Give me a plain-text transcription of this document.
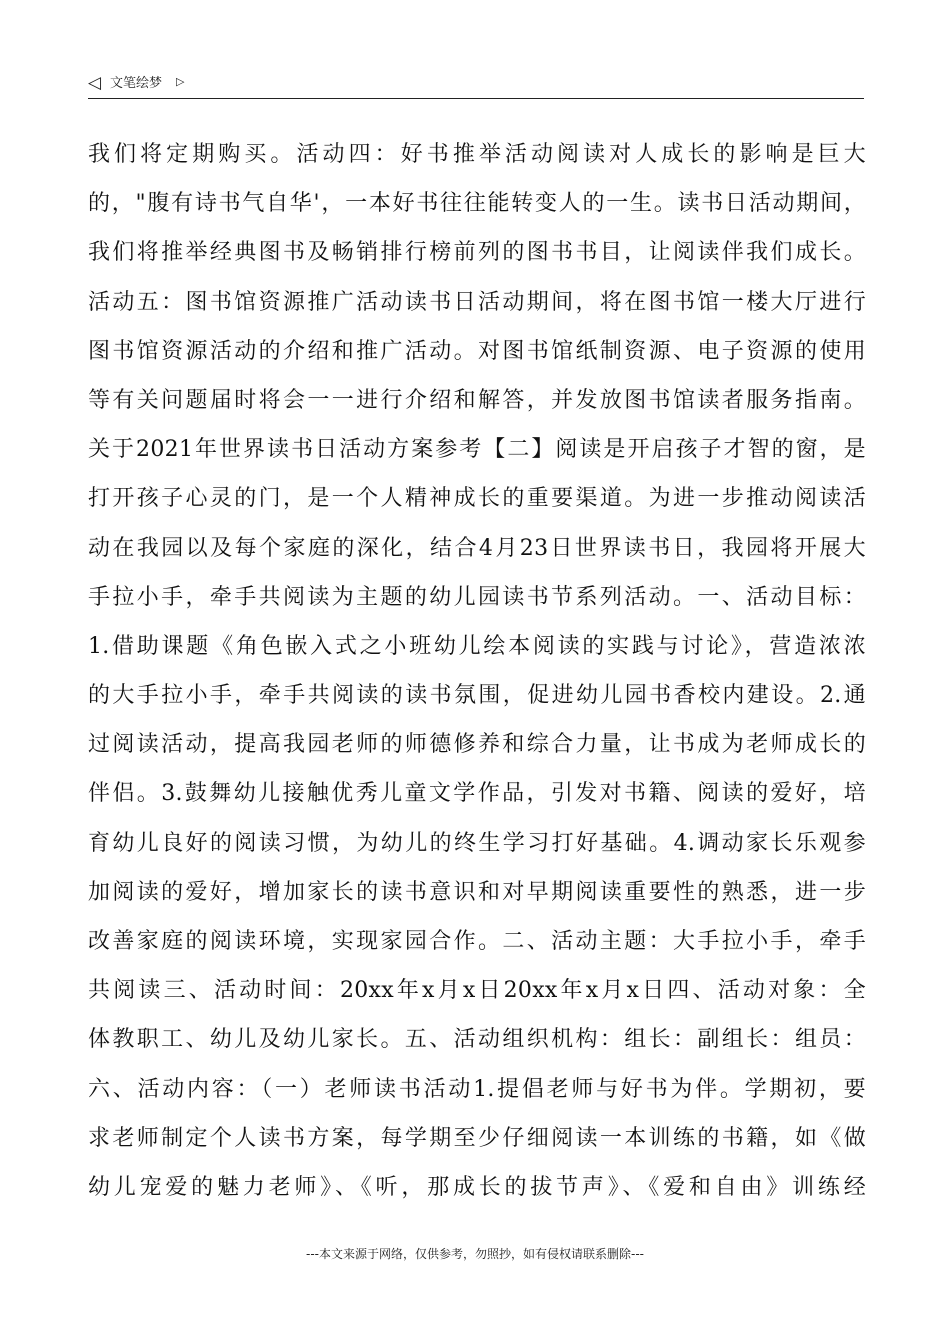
◁ 文笔绘梦 ▷
我们将定期购买。活动四：好书推举活动阅读对人成长的影响是巨大
的，"腹有诗书气自华'，一本好书往往能转变人的一生。读书日活动期间，
我们将推举经典图书及畅销排行榜前列的图书书目，让阅读伴我们成长。
活动五：图书馆资源推广活动读书日活动期间，将在图书馆一楼大厅进行
图书馆资源活动的介绍和推广活动。对图书馆纸制资源、电子资源的使用
等有关问题届时将会一一进行介绍和解答，并发放图书馆读者服务指南。
关于2021年世界读书日活动方案参考【二】阅读是开启孩子才智的窗，是
打开孩子心灵的门，是一个人精神成长的重要渠道。为进一步推动阅读活
动在我园以及每个家庭的深化，结合4月23日世界读书日，我园将开展大
手拉小手，牵手共阅读为主题的幼儿园读书节系列活动。一、活动目标：
1.借助课题《角色嵌入式之小班幼儿绘本阅读的实践与讨论》，营造浓浓
的大手拉小手，牵手共阅读的读书氛围，促进幼儿园书香校内建设。2.通
过阅读活动，提高我园老师的师德修养和综合力量，让书成为老师成长的
伴侣。3.鼓舞幼儿接触优秀儿童文学作品，引发对书籍、阅读的爱好，培
育幼儿良好的阅读习惯，为幼儿的终生学习打好基础。4.调动家长乐观参
加阅读的爱好，增加家长的读书意识和对早期阅读重要性的熟悉，进一步
改善家庭的阅读环境，实现家园合作。二、活动主题：大手拉小手，牵手
共阅读三、活动时间：20xx年x月x日20xx年x月x日四、活动对象：全
体教职工、幼儿及幼儿家长。五、活动组织机构：组长：副组长：组员：
六、活动内容：（一）老师读书活动1.提倡老师与好书为伴。学期初，要
求老师制定个人读书方案，每学期至少仔细阅读一本训练的书籍，如《做
幼儿宠爱的魅力老师》、《听，那成长的拔节声》、《爱和自由》训练经
---本文来源于网络，仅供参考，勿照抄，如有侵权请联系删除---
